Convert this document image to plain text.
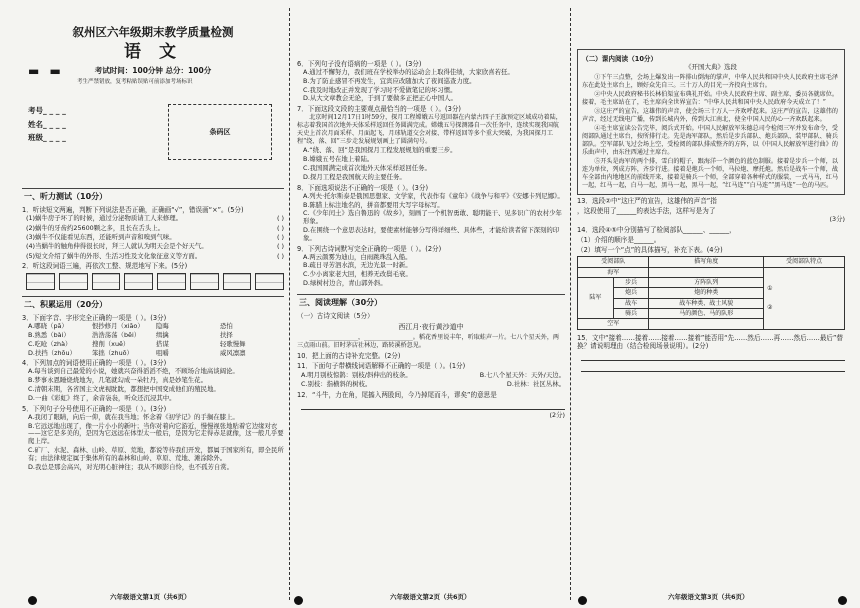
六年级语文第1页（共6页）	六年级语文第2页（共6页）	六年级语文第3页（共6页）
叙州区六年级期末教学质量检测
语 文
考试时间：100分钟 总分：100分
考生严禁错放，复考粘贴误贴可前添加考场标识
▬ ▬
考号_ _ _ _
姓名_ _ _ _
班级_ _ _ _
条码区
一、听力测试（10分）
1．听读短文两遍，判断下列说法是否正确，正确画“√”，错误画“×”。(5分)
(1)蜗牛房子坏了的时候，通过分泌物质请工人来修理。	( )
(2)蜗牛的牙齿约25600颗之多，且长在舌头上。	( )
(3)蜗牛不仅能看见东西，还能听到声音和嗅到气味。	( )
(4)当蜗牛的触角伸得很长时，拜三人就认为明天会是个好天气。	( )
(5)短文介绍了蜗牛的外形、生活习性及文化象征意义等方面。	( )
2．听这段词语三遍，再依次工整、规范地写下来。(5分)
二、积累运用（20分）
3．下面字音、字形完全正确的一项是（ ）。(3分)
A.哪晓（pā）	恨抄修月（xiāo）	隐晦	恐怕
B.熟悉（bài）	浩浩荡荡（bēi）	缉擒	扶择
C.吃呛（zhà）	搜削（xuē）	搭谋	轻歌慢舞
D.扶挡（zhōu）	笨拙（zhuō）	咀嚼	威风凛凛
4．下列加点的词语使用正确的一项是（ ）。(3分)
A.每当谈到自己最爱的小说，她就兴奋得滔滔不绝，不顾场合地高谈阔论。
B.梦事永恩睡烧烧地为，几笔就勾成一朵牡丹，真是妙笔生花。
C.清朝末期，各省国主文虎视眈眈，都想把中国变成他们的殖民地。
D.一曲《彩虹》终了，余音袅袅，听众还沉浸其中。
5．下列句子分号使用不正确的一项是（ ）。(3分)
A.我闭了眼睛，向后一仰，就在我当地；怀念着《初学记》的手搁在膝上。
B.它远远地出现了，像一片小小的新叶；当你对着向它游近，慢慢视张地贴着它边缘对衣——这它是多美的，是因为它远远在体型太一般后，是因为它走得赤足就像，这一般几乎要爬上岸。
C.矿厂、水泥、森林、山岭、草原、荒地，都说等待我们开发，都属于国家所有，即全民所有；由法律规定属于集体所有的森林和山岭、草原、荒地、滩涂除外。
D.我总是那会高兴，对光明心脏神往；我从不顾影自怜，也不孤芳自赏。
6．下列句子没有语病的一项是（ ）。(3分)
A.通过不懈努力，我们班在学校举办的运动会上取得佳绩，大家欣喜若狂。
B.为了防止感冒不再发生，宜宾应改随加大了夜间巡查力度。
C.我及时地改正并发现了学习时不爱做笔记的坏习惯。
D.从大文章教会无论，于到了要做多正把正心中国人。
7．下面这段文段的主要观点最恰当的一项是（ ）。(3分)
北京时间12月17日1时59分，探月工程嫦娥五号返回器在内蒙古四子王旗预定区域成功着陆，标志着我国首次地外天体采样返回任务圆满完成。嫦娥五号探测器自一次任务中，连续实现我国航天史上首次月面采样、月面起飞、月球轨道交会对接、带样返回等多个重大突破，为我国探月工程“绕、落、回”三步走发展规划画上了圆满句号。
A.“绕、落、回”是我国探月工程发展规划的重要三步。
B.嫦娥五号在地上着陆。
C.我国圆满完成首次地外天体采样返回任务。
D.探月工程是我国航天的主要任务。
8．下面选项说法不正确的一项是（ ）。(3分)
A.列夫·托尔斯泰是俄国思想家、文学家，代表作有《童年》《战争与和平》《安娜卡列尼娜》。
B.陈腊上标注地名的，拼音都要用大写字母标写。
C.《少年闰土》选自鲁迅的《故乡》，刻画了一个机智勇敢、聪明能干、见多识广的农村少年形象。
D.在围绕一个意思表达时，要使素材能够分写得详细些、具体些，才能给读者留下深刻的印象。
9．下列古诗词默写完全正确的一项是（ ）。(2分)
A.两云颜雾为迪山，白雨跳珠乱入船。
B.疏日寻芳泗水滨，无边光景一时新。
C.少小离家老大回，相养无改鬓毛衰。
D.绿树村边合，青山郭外斜。
三、阅读理解（30分）
（一）古诗文阅读（5分）
西江月·夜行黄沙道中
________________，________________。稻花香里说丰年，听取蛙声一片。七八个星天外，两三点雨山前。旧时茅店社林边，路转溪桥忽见。
10．把上面的古诗补充完整。(2分)
11．下面句子带横线词语解释不正确的一项是（ ）。(1分)
A.明月别枝惊鹊：别枝/斜伸出的枝条。	B.七八个星天外：天外/天边。
C.别枝：指横斜的树枝。	D.社林：社区丛林。
12．“斗牛，力在角，尾搐入两股间，今乃掉尾而斗，谬矣”的意思是
(2分)
（二）课内阅读（10分）
《开国大典》选段
①下午三点整，会场上爆发出一阵排山倒海的掌声，中华人民共和国中央人民政府主席毛泽东在此处主席台上，顾好众先自三。三十万人的目光一齐投向主席台。
②中央人民政府秘书长林伯渠宣布典礼开始。中央人民政府主席、副主席、委员各就席位。接着，毛主席站在了，毛主席向全世界宣告：“中华人民共和国中央人民政府今天成立了！”
③这庄严的宣告，这雄伟的声音，使会场三十万人一齐欢呼起来。这庄严的宣告，这雄伟的声音，经过无线电广播，传到长城内外，传到大江南北，使全中国人民的心一齐欢跃起来。
④毛主席宣读公告完毕，阅兵式开始。中国人民解放军朱德总司令检阅三军并发布命令，受阅部队通过主席台，按所排行走。先是海军部队，然后是步兵部队、炮兵部队、装甲部队、骑兵部队。空军部队飞过会场上空，受检阅的部队排成整齐的方阵，以《中国人民解放军进行曲》的乐曲声中，由东往西通过主席台。
⑤开头是海军的两个排，雪白的帽子，跟海洋一个颜色的蓝色制服。接着是步兵一个师，以连为单位，列成方阵，齐步行进。接着是炮兵一个师，马拉炮、摩托炮。然后是战车一个师，战车全部由内地地区的前线开来，接着是骑兵一个师，全部穿着各种样式的服装，一式马马，红马一起，红马一起，白马一起，黑马一起，黑马一起，“红马连”“白马连”“黑马连”一色的马匹。
13．选段②中“这庄严的宣告，这雄伟的声音”指
，这段使用了______的表达手法，这样写是为了
(3分)
14．选段④⑤中分别描写了检阅部队______、______，
（1）介绍的顺序是______。
（2）填写一个“点”的具体描写，补充下表。(4分)
受阅部队		描写角度	受阅部队特点
海军			①
②

陆军	步兵	方阵队列	
	炮兵	炮的种类	
	战车	战车种类、战士风貌	
	骑兵	马的颜色、马的队形	
空军			
15．文中“接着……接着……接着……接着”能否用“先……然后……再……然后……最后”替换？请说明理由（结合检阅场景说明）。(2分)
